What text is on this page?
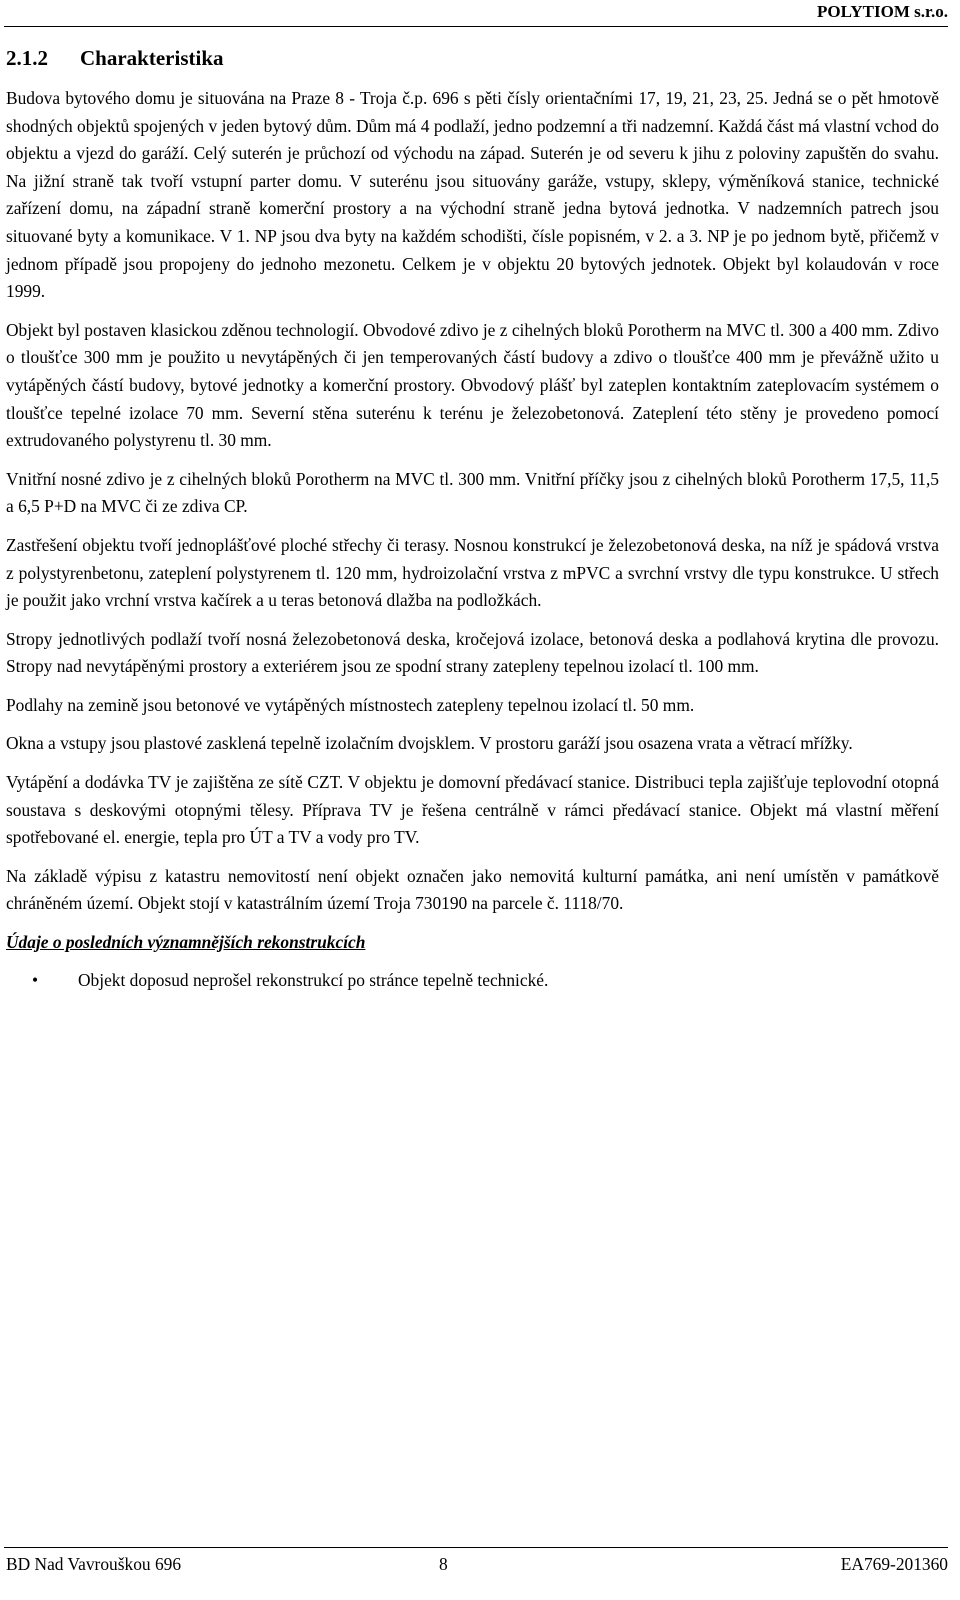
POLYTIOM s.r.o.
2.1.2 Charakteristika

Budova bytového domu je situována na Praze 8 - Troja č.p. 696 s pěti čísly orientačními 17, 19, 21, 23, 25. Jedná se o pět hmotově shodných objektů spojených v jeden bytový dům. Dům má 4 podlaží, jedno podzemní a tři nadzemní. Každá část má vlastní vchod do objektu a vjezd do garáží. Celý suterén je průchozí od východu na západ. Suterén je od severu k jihu z poloviny zapuštěn do svahu. Na jižní straně tak tvoří vstupní parter domu. V suterénu jsou situovány garáže, vstupy, sklepy, výměníková stanice, technické zařízení domu, na západní straně komerční prostory a na východní straně jedna bytová jednotka. V nadzemních patrech jsou situované byty a komunikace. V 1. NP jsou dva byty na každém schodišti, čísle popisném, v 2. a 3. NP je po jednom bytě, přičemž v jednom případě jsou propojeny do jednoho mezonetu. Celkem je v objektu 20 bytových jednotek. Objekt byl kolaudován v roce 1999.

Objekt byl postaven klasickou zděnou technologií. Obvodové zdivo je z cihelných bloků Porotherm na MVC tl. 300 a 400 mm. Zdivo o tloušťce 300 mm je použito u nevytápěných či jen temperovaných částí budovy a zdivo o tloušťce 400 mm je převážně užito u vytápěných částí budovy, bytové jednotky a komerční prostory. Obvodový plášť byl zateplen kontaktním zateplovacím systémem o tloušťce tepelné izolace 70 mm. Severní stěna suterénu k terénu je železobetonová. Zateplení této stěny je provedeno pomocí extrudovaného polystyrenu tl. 30 mm.

Vnitřní nosné zdivo je z cihelných bloků Porotherm na MVC tl. 300 mm. Vnitřní příčky jsou z cihelných bloků Porotherm 17,5, 11,5 a 6,5 P+D na MVC či ze zdiva CP.

Zastřešení objektu tvoří jednoplášťové ploché střechy či terasy. Nosnou konstrukcí je železobetonová deska, na níž je spádová vrstva z polystyrenbetonu, zateplení polystyrenem tl. 120 mm, hydroizolační vrstva z mPVC a svrchní vrstvy dle typu konstrukce. U střech je použit jako vrchní vrstva kačírek a u teras betonová dlažba na podložkách.

Stropy jednotlivých podlaží tvoří nosná železobetonová deska, kročejová izolace, betonová deska a podlahová krytina dle provozu. Stropy nad nevytápěnými prostory a exteriérem jsou ze spodní strany zatepleny tepelnou izolací tl. 100 mm.

Podlahy na zemině jsou betonové ve vytápěných místnostech zatepleny tepelnou izolací tl. 50 mm.

Okna a vstupy jsou plastové zasklená tepelně izolačním dvojsklem. V prostoru garáží jsou osazena vrata a větrací mřížky.

Vytápění a dodávka TV je zajištěna ze sítě CZT. V objektu je domovní předávací stanice. Distribuci tepla zajišťuje teplovodní otopná soustava s deskovými otopnými tělesy. Příprava TV je řešena centrálně v rámci předávací stanice. Objekt má vlastní měření spotřebované el. energie, tepla pro ÚT a TV a vody pro TV.

Na základě výpisu z katastru nemovitostí není objekt označen jako nemovitá kulturní památka, ani není umístěn v památkově chráněném území. Objekt stojí v katastrálním území Troja 730190 na parcele č. 1118/70.

Údaje o posledních významnějších rekonstrukcích

• Objekt doposud neprošel rekonstrukcí po stránce tepelně technické.
BD Nad Vavrouškou 696	8	EA769-201360
